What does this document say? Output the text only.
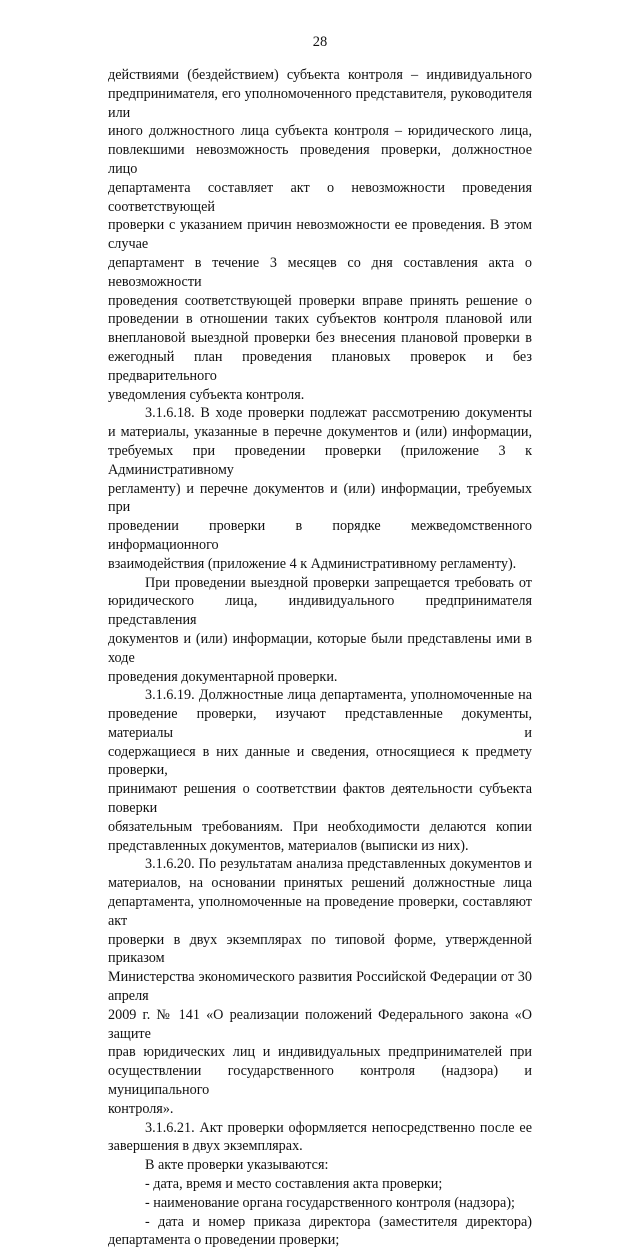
28

действиями (бездействием) субъекта контроля – индивидуального
предпринимателя, его уполномоченного представителя, руководителя или
иного должностного лица субъекта контроля – юридического лица,
повлекшими невозможность проведения проверки, должностное лицо
департамента составляет акт о невозможности проведения соответствующей
проверки с указанием причин невозможности ее проведения. В этом случае
департамент в течение 3 месяцев со дня составления акта о невозможности
проведения соответствующей проверки вправе принять решение о
проведении в отношении таких субъектов контроля плановой или
внеплановой выездной проверки без внесения плановой проверки в
ежегодный план проведения плановых проверок и без предварительного
уведомления субъекта контроля.

3.1.6.18. В ходе проверки подлежат рассмотрению документы
и материалы, указанные в перечне документов и (или) информации,
требуемых при проведении проверки (приложение 3 к Административному
регламенту) и перечне документов и (или) информации, требуемых при
проведении проверки в порядке межведомственного информационного
взаимодействия (приложение 4 к Административному регламенту).

При проведении выездной проверки запрещается требовать от
юридического лица, индивидуального предпринимателя представления
документов и (или) информации, которые были представлены ими в ходе
проведения документарной проверки.

3.1.6.19. Должностные лица департамента, уполномоченные на
проведение проверки, изучают представленные документы, материалы и
содержащиеся в них данные и сведения, относящиеся к предмету проверки,
принимают решения о соответствии фактов деятельности субъекта поверки
обязательным требованиям. При необходимости делаются копии
представленных документов, материалов (выписки из них).

3.1.6.20. По результатам анализа представленных документов и
материалов, на основании принятых решений должностные лица
департамента, уполномоченные на проведение проверки, составляют акт
проверки в двух экземплярах по типовой форме, утвержденной приказом
Министерства экономического развития Российской Федерации от 30 апреля
2009 г. № 141 «О реализации положений Федерального закона «О защите
прав юридических лиц и индивидуальных предпринимателей при
осуществлении государственного контроля (надзора) и муниципального
контроля».

3.1.6.21. Акт проверки оформляется непосредственно после ее
завершения в двух экземплярах.

В акте проверки указываются:

- дата, время и место составления акта проверки;

- наименование органа государственного контроля (надзора);

- дата и номер приказа директора (заместителя директора)
департамента о проведении проверки;
